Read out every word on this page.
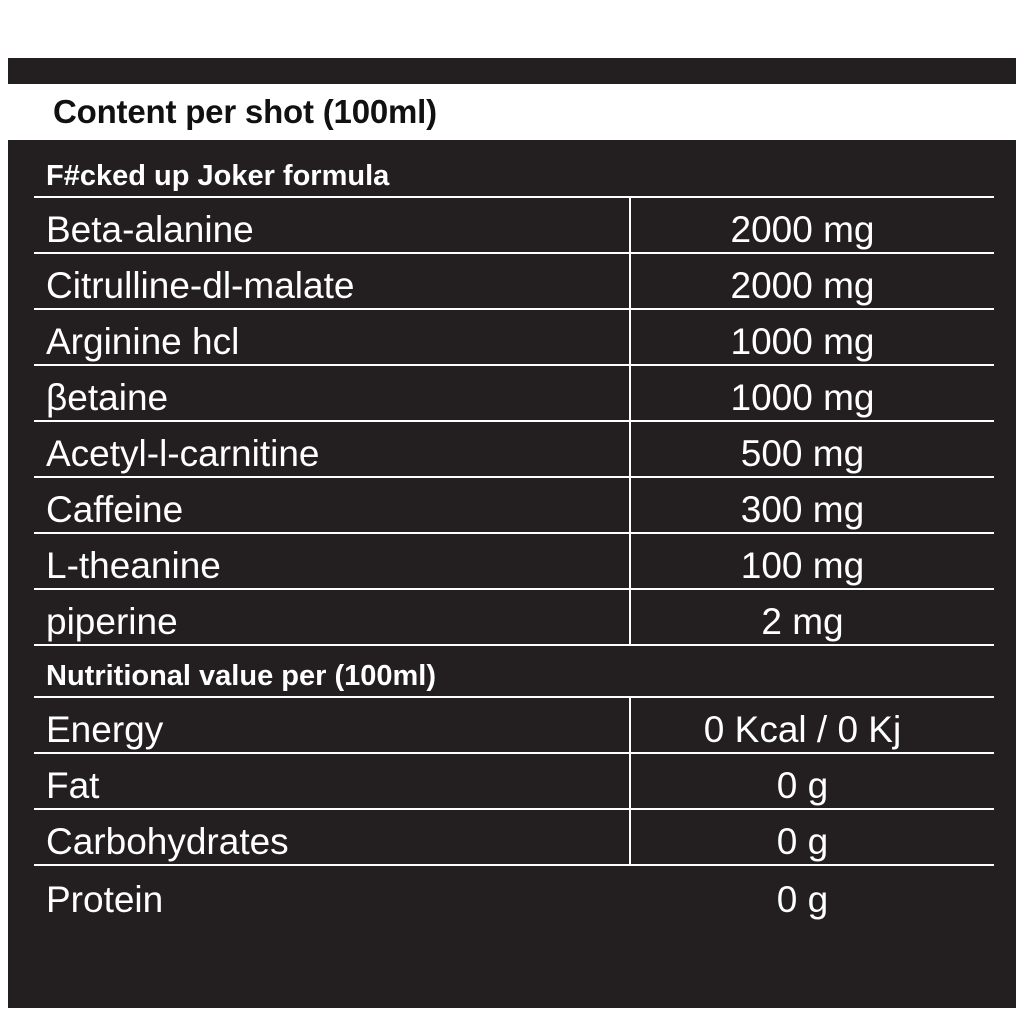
Content per shot (100ml)
F#cked up Joker formula
Beta-alanine	2000 mg
Citrulline-dl-malate	2000 mg
Arginine hcl	1000 mg
βetaine	1000 mg
Acetyl-l-carnitine	500 mg
Caffeine	300 mg
L-theanine	100 mg
piperine	2 mg
Nutritional value per (100ml)
Energy	0 Kcal / 0 Kj
Fat	0 g
Carbohydrates	0 g
Protein	0 g
